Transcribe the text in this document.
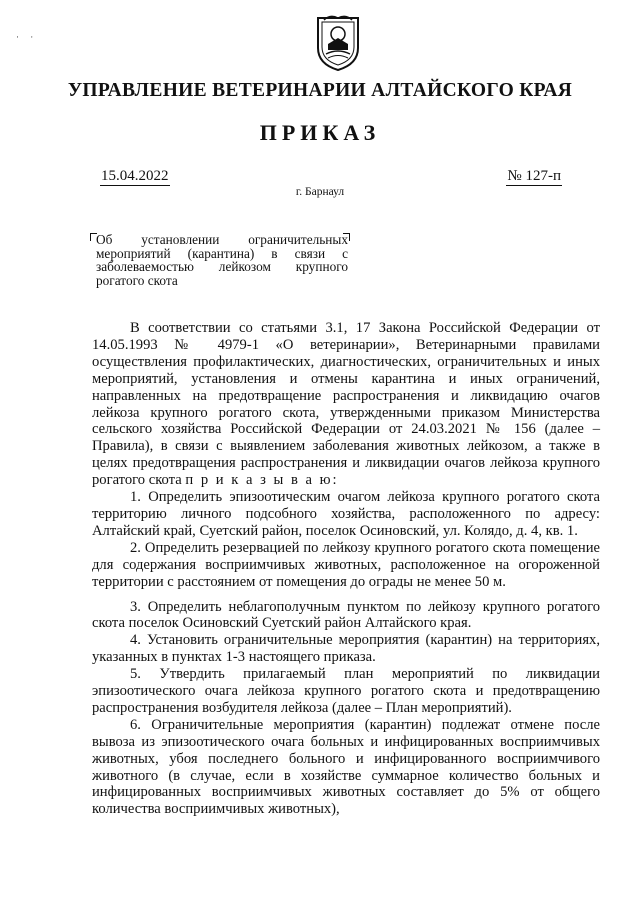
·     ·
УПРАВЛЕНИЕ ВЕТЕРИНАРИИ АЛТАЙСКОГО КРАЯ
ПРИКАЗ
15.04.2022	№ 127-п
г. Барнаул
Об установлении ограничительных мероприятий (карантина) в связи с заболеваемостью лейкозом крупного рогатого скота

В соответствии со статьями 3.1, 17 Закона Российской Федерации от 14.05.1993 № 4979-1 «О ветеринарии», Ветеринарными правилами осуществления профилактических, диагностических, ограничительных и иных мероприятий, установления и отмены карантина и иных ограничений, направленных на предотвращение распространения и ликвидацию очагов лейкоза крупного рогатого скота, утвержденными приказом Министерства сельского хозяйства Российской Федерации от 24.03.2021 № 156 (далее – Правила), в связи с выявлением заболевания животных лейкозом, а также в целях предотвращения распространения и ликвидации очагов лейкоза крупного рогатого скота п р и к а з ы в а ю:

1. Определить эпизоотическим очагом лейкоза крупного рогатого скота территорию личного подсобного хозяйства, расположенного по адресу: Алтайский край, Суетский район, поселок Осиновский, ул. Колядо, д. 4, кв. 1.

2. Определить резервацией по лейкозу крупного рогатого скота помещение для содержания восприимчивых животных, расположенное на огороженной территории с расстоянием от помещения до ограды не менее 50 м.

3. Определить неблагополучным пунктом по лейкозу крупного рогатого скота поселок Осиновский Суетский район Алтайского края.

4. Установить ограничительные мероприятия (карантин) на территориях, указанных в пунктах 1-3 настоящего приказа.

5. Утвердить прилагаемый план мероприятий по ликвидации эпизоотического очага лейкоза крупного рогатого скота и предотвращению распространения возбудителя лейкоза (далее – План мероприятий).

6. Ограничительные мероприятия (карантин) подлежат отмене после вывоза из эпизоотического очага больных и инфицированных восприимчивых животных, убоя последнего больного и инфицированного восприимчивого животного (в случае, если в хозяйстве суммарное количество больных и инфицированных восприимчивых животных составляет до 5% от общего количества восприимчивых животных),
